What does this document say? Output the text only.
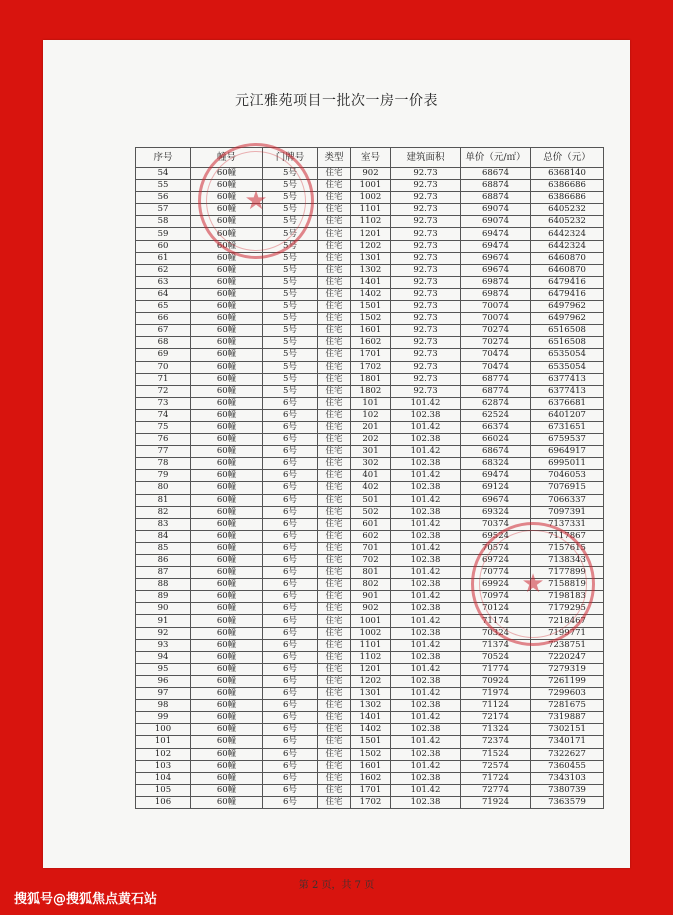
元江雅苑项目一批次一房一价表
序号	幢号	门牌号	类型	室号	建筑面积	单价（元/㎡）	总价（元）
54	60幢	5号	住宅	902	92.73	68674	6368140
55	60幢	5号	住宅	1001	92.73	68874	6386686
56	60幢	5号	住宅	1002	92.73	68874	6386686
57	60幢	5号	住宅	1101	92.73	69074	6405232
58	60幢	5号	住宅	1102	92.73	69074	6405232
59	60幢	5号	住宅	1201	92.73	69474	6442324
60	60幢	5号	住宅	1202	92.73	69474	6442324
61	60幢	5号	住宅	1301	92.73	69674	6460870
62	60幢	5号	住宅	1302	92.73	69674	6460870
63	60幢	5号	住宅	1401	92.73	69874	6479416
64	60幢	5号	住宅	1402	92.73	69874	6479416
65	60幢	5号	住宅	1501	92.73	70074	6497962
66	60幢	5号	住宅	1502	92.73	70074	6497962
67	60幢	5号	住宅	1601	92.73	70274	6516508
68	60幢	5号	住宅	1602	92.73	70274	6516508
69	60幢	5号	住宅	1701	92.73	70474	6535054
70	60幢	5号	住宅	1702	92.73	70474	6535054
71	60幢	5号	住宅	1801	92.73	68774	6377413
72	60幢	5号	住宅	1802	92.73	68774	6377413
73	60幢	6号	住宅	101	101.42	62874	6376681
74	60幢	6号	住宅	102	102.38	62524	6401207
75	60幢	6号	住宅	201	101.42	66374	6731651
76	60幢	6号	住宅	202	102.38	66024	6759537
77	60幢	6号	住宅	301	101.42	68674	6964917
78	60幢	6号	住宅	302	102.38	68324	6995011
79	60幢	6号	住宅	401	101.42	69474	7046053
80	60幢	6号	住宅	402	102.38	69124	7076915
81	60幢	6号	住宅	501	101.42	69674	7066337
82	60幢	6号	住宅	502	102.38	69324	7097391
83	60幢	6号	住宅	601	101.42	70374	7137331
84	60幢	6号	住宅	602	102.38	69524	7117867
85	60幢	6号	住宅	701	101.42	70574	7157615
86	60幢	6号	住宅	702	102.38	69724	7138343
87	60幢	6号	住宅	801	101.42	70774	7177899
88	60幢	6号	住宅	802	102.38	69924	7158819
89	60幢	6号	住宅	901	101.42	70974	7198183
90	60幢	6号	住宅	902	102.38	70124	7179295
91	60幢	6号	住宅	1001	101.42	71174	7218467
92	60幢	6号	住宅	1002	102.38	70324	7199771
93	60幢	6号	住宅	1101	101.42	71374	7238751
94	60幢	6号	住宅	1102	102.38	70524	7220247
95	60幢	6号	住宅	1201	101.42	71774	7279319
96	60幢	6号	住宅	1202	102.38	70924	7261199
97	60幢	6号	住宅	1301	101.42	71974	7299603
98	60幢	6号	住宅	1302	102.38	71124	7281675
99	60幢	6号	住宅	1401	101.42	72174	7319887
100	60幢	6号	住宅	1402	102.38	71324	7302151
101	60幢	6号	住宅	1501	101.42	72374	7340171
102	60幢	6号	住宅	1502	102.38	71524	7322627
103	60幢	6号	住宅	1601	101.42	72574	7360455
104	60幢	6号	住宅	1602	102.38	71724	7343103
105	60幢	6号	住宅	1701	101.42	72774	7380739
106	60幢	6号	住宅	1702	102.38	71924	7363579
★
★
第 2 页，共 7 页
搜狐号@搜狐焦点黄石站
